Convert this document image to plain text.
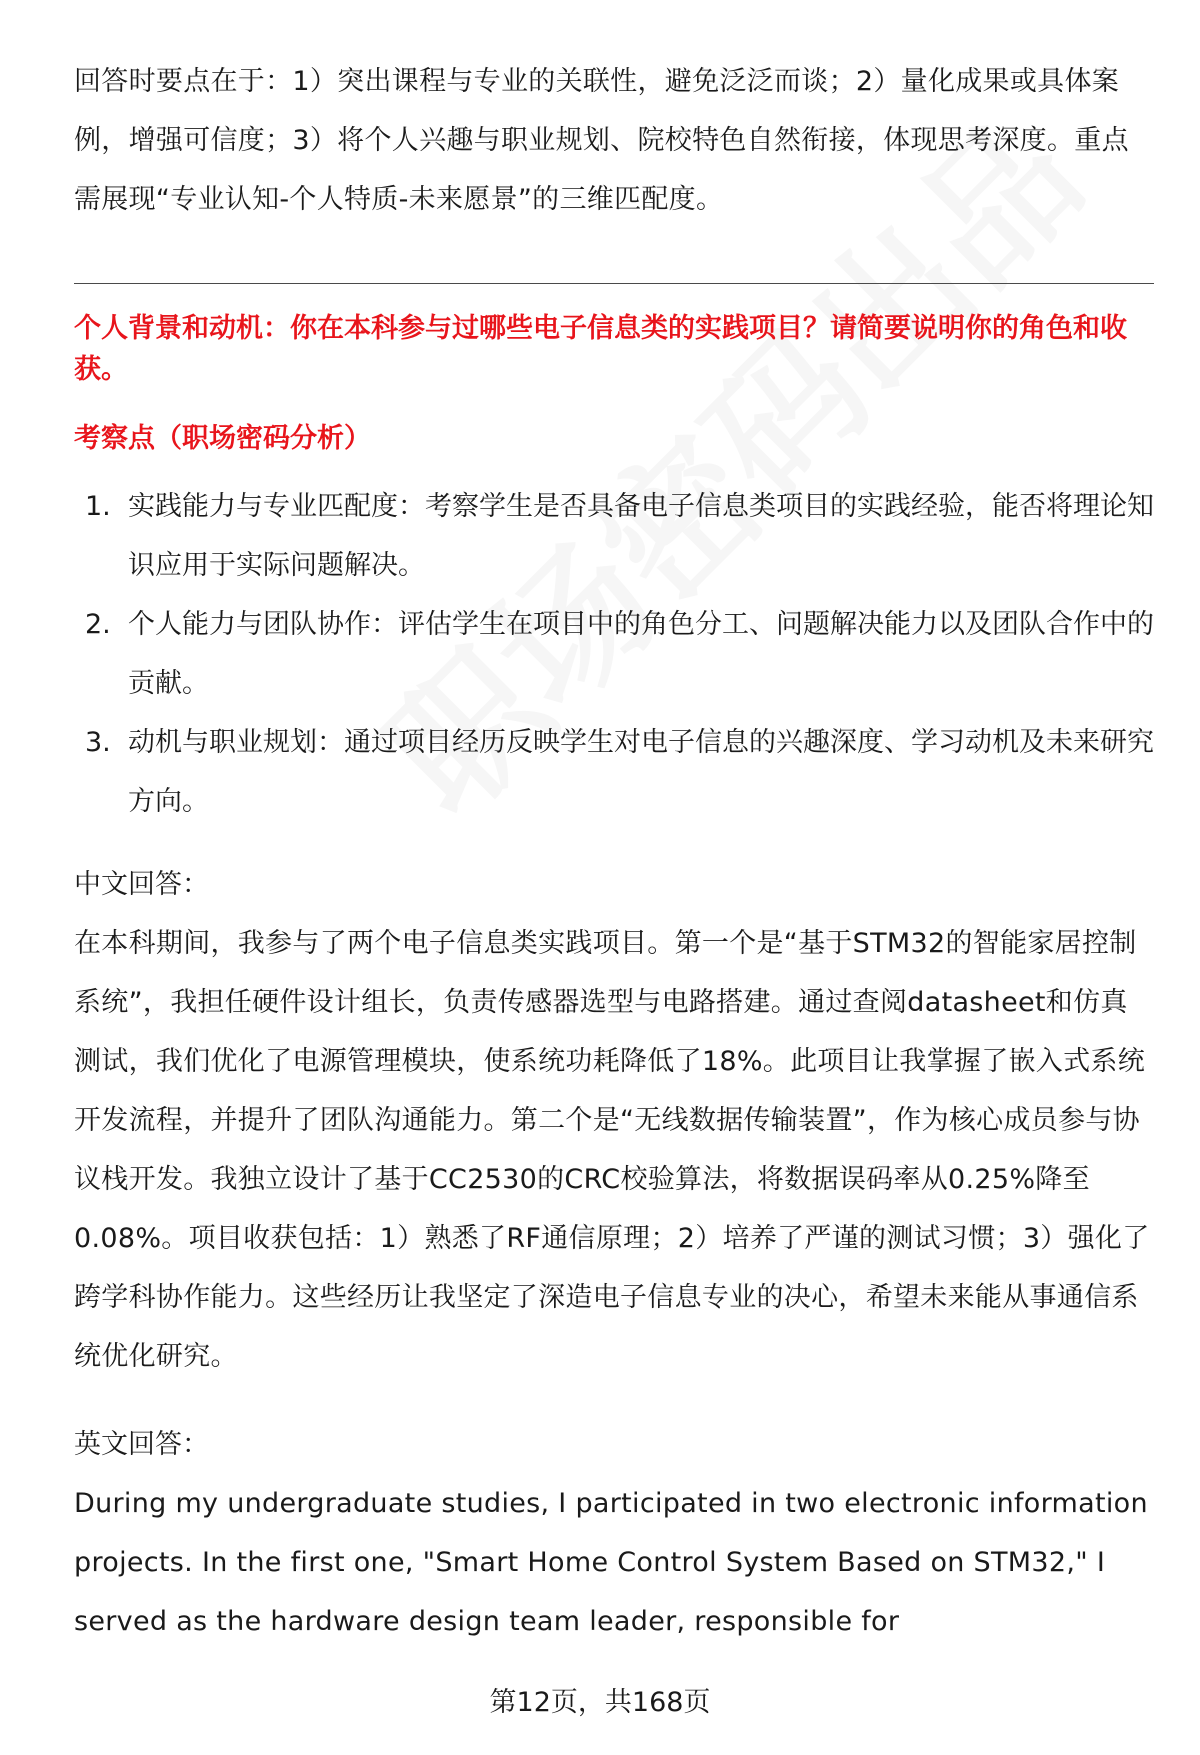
回答时要点在于：1）突出课程与专业的关联性，避免泛泛而谈；2）量化成果或具体案例，增强可信度；3）将个人兴趣与职业规划、院校特色自然衔接，体现思考深度。重点需展现“专业认知-个人特质-未来愿景”的三维匹配度。

个人背景和动机：你在本科参与过哪些电子信息类的实践项目？请简要说明你的角色和收获。

考察点（职场密码分析）

1. 实践能力与专业匹配度：考察学生是否具备电子信息类项目的实践经验，能否将理论知识应用于实际问题解决。
2. 个人能力与团队协作：评估学生在项目中的角色分工、问题解决能力以及团队合作中的贡献。
3. 动机与职业规划：通过项目经历反映学生对电子信息的兴趣深度、学习动机及未来研究方向。

中文回答：

在本科期间，我参与了两个电子信息类实践项目。第一个是“基于STM32的智能家居控制系统”，我担任硬件设计组长，负责传感器选型与电路搭建。通过查阅datasheet和仿真测试，我们优化了电源管理模块，使系统功耗降低了18%。此项目让我掌握了嵌入式系统开发流程，并提升了团队沟通能力。第二个是“无线数据传输装置”，作为核心成员参与协议栈开发。我独立设计了基于CC2530的CRC校验算法，将数据误码率从0.25%降至0.08%。项目收获包括：1）熟悉了RF通信原理；2）培养了严谨的测试习惯；3）强化了跨学科协作能力。这些经历让我坚定了深造电子信息专业的决心，希望未来能从事通信系统优化研究。

英文回答：

During my undergraduate studies, I participated in two electronic information projects. In the first one, "Smart Home Control System Based on STM32," I served as the hardware design team leader, responsible for

第12页，共168页
